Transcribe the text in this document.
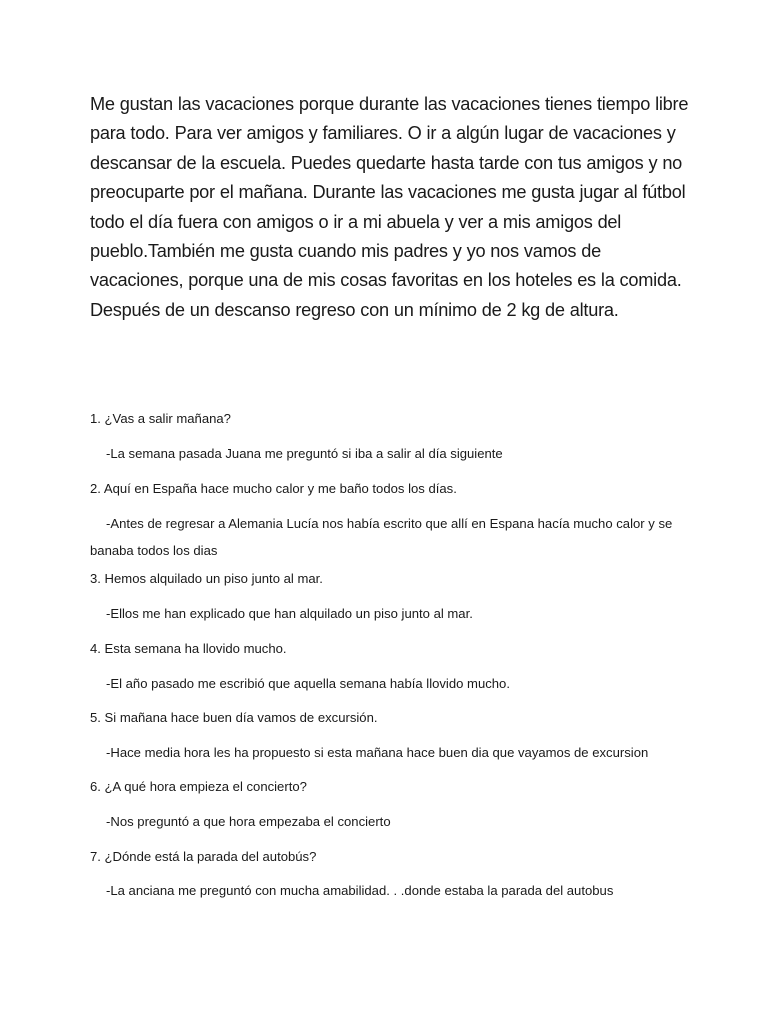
Me gustan las vacaciones porque durante las vacaciones tienes tiempo libre para todo. Para ver amigos y familiares. O ir a algún lugar de vacaciones y descansar de la escuela. Puedes quedarte hasta tarde con tus amigos y no preocuparte por el mañana. Durante las vacaciones me gusta jugar al fútbol todo el día fuera con amigos o ir a mi abuela y ver a mis amigos del pueblo.También me gusta cuando mis padres y yo nos vamos de vacaciones, porque una de mis cosas favoritas en los hoteles es la comida. Después de un descanso regreso con un mínimo de 2 kg de altura.

1. ¿Vas a salir mañana?

-La semana pasada Juana me preguntó si iba a salir al día siguiente

2. Aquí en España hace mucho calor y me baño todos los días.

-Antes de regresar a Alemania Lucía nos había escrito que allí en Espana hacía mucho calor y se banaba todos los dias

3. Hemos alquilado un piso junto al mar.

-Ellos me han explicado que han alquilado un piso junto al mar.

4. Esta semana ha llovido mucho.

-El año pasado me escribió que aquella semana había llovido mucho.

5. Si mañana hace buen día vamos de excursión.

-Hace media hora les ha propuesto si esta mañana hace buen dia que vayamos de excursion

6. ¿A qué hora empieza el concierto?

-Nos preguntó a que hora empezaba el concierto

7. ¿Dónde está la parada del autobús?

-La anciana me preguntó con mucha amabilidad. . .donde estaba la parada del autobus
